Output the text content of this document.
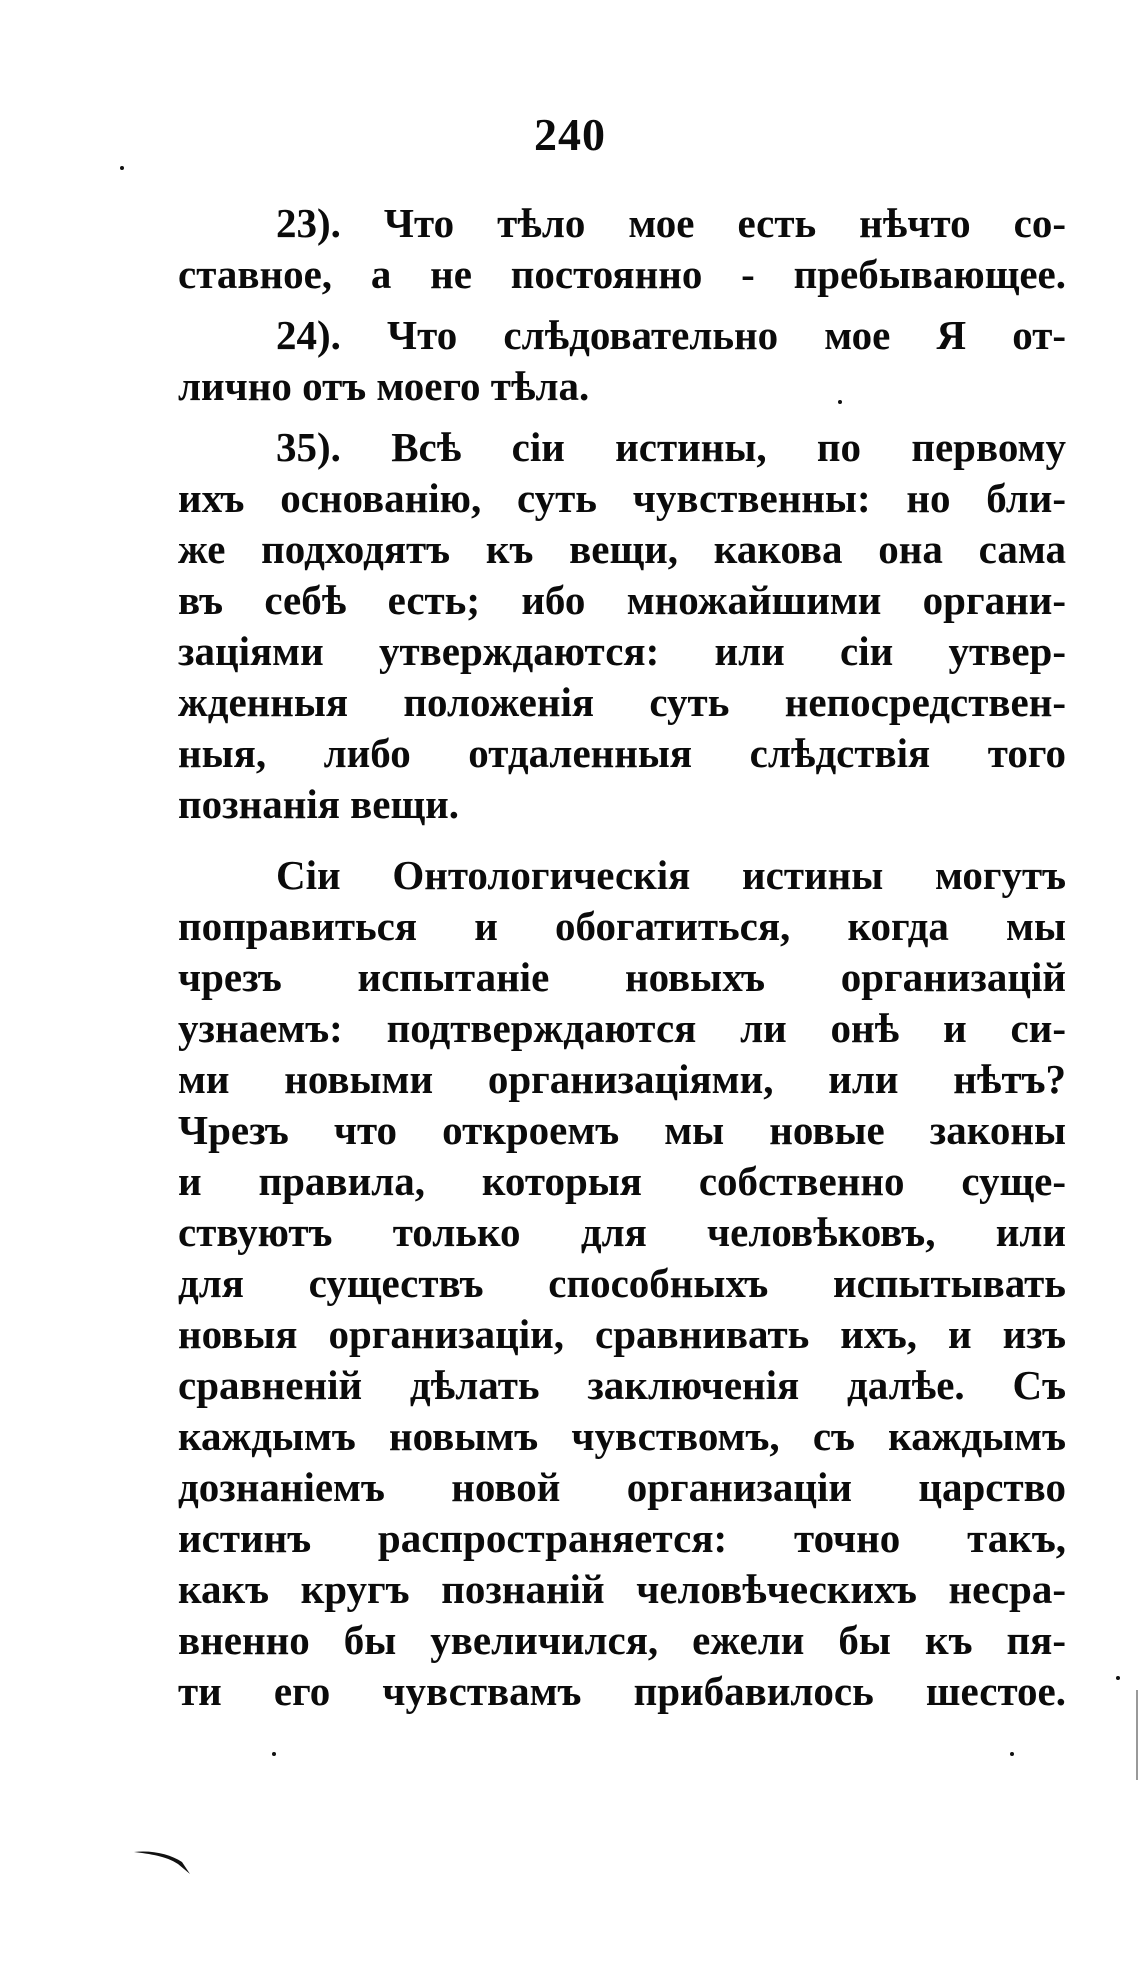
240
23). Что тѣло мое есть нѣчто со-
ставное, а не постоянно - пребывающее.
24). Что слѣдовательно мое Я от-
лично отъ моего тѣла.
35). Всѣ сіи истины, по первому
ихъ основанію, суть чувственны: но бли-
же подходятъ къ вещи, какова она сама
въ себѣ есть; ибо множайшими органи-
заціями утверждаются: или сіи утвер-
жденныя положенія суть непосредствен-
ныя, либо отдаленныя слѣдствія того
познанія вещи.
Сіи Онтологическія истины могутъ
поправиться и обогатиться, когда мы
чрезъ испытаніе новыхъ организацій
узнаемъ: подтверждаются ли онѣ и си-
ми новыми организаціями, или нѣтъ?
Чрезъ что откроемъ мы новые законы
и правила, которыя собственно суще-
ствуютъ только для человѣковъ, или
для существъ способныхъ испытывать
новыя организаціи, сравнивать ихъ, и изъ
сравненій дѣлать заключенія далѣе. Съ
каждымъ новымъ чувствомъ, съ каждымъ
дознаніемъ новой организаціи царство
истинъ распространяется: точно такъ,
какъ кругъ познаній человѣческихъ несра-
вненно бы увеличился, ежели бы къ пя-
ти его чувствамъ прибавилось шестое.
